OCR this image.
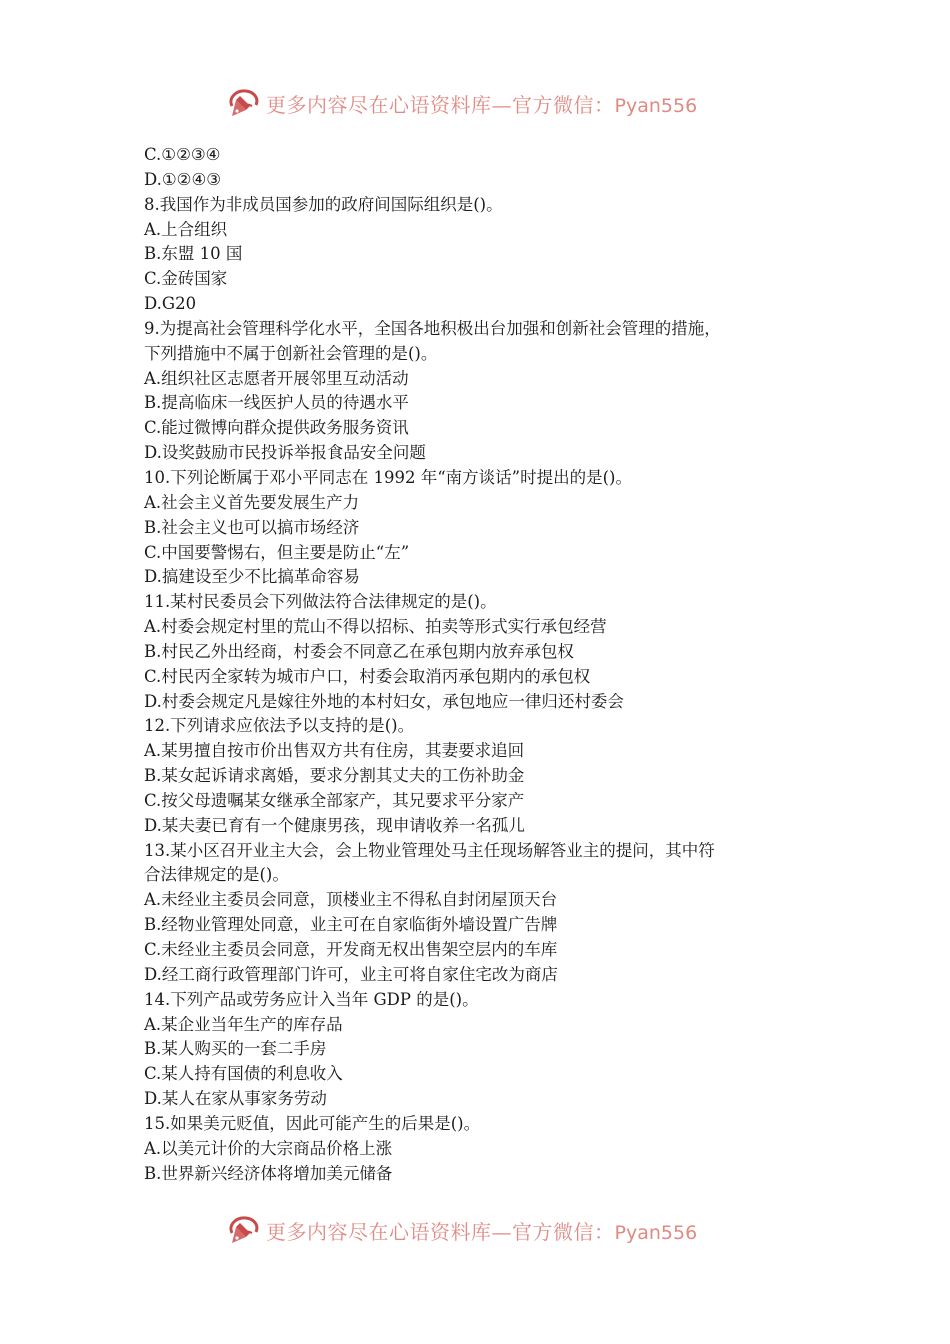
更多内容尽在心语资料库—官方微信：Pyan556
C.①②③④
D.①②④③
8.我国作为非成员国参加的政府间国际组织是()。
A.上合组织
B.东盟 10 国
C.金砖国家
D.G20
9.为提高社会管理科学化水平，全国各地积极出台加强和创新社会管理的措施，
下列措施中不属于创新社会管理的是()。
A.组织社区志愿者开展邻里互动活动
B.提高临床一线医护人员的待遇水平
C.能过微博向群众提供政务服务资讯
D.设奖鼓励市民投诉举报食品安全问题
10.下列论断属于邓小平同志在 1992 年“南方谈话”时提出的是()。
A.社会主义首先要发展生产力
B.社会主义也可以搞市场经济
C.中国要警惕右，但主要是防止“左”
D.搞建设至少不比搞革命容易
11.某村民委员会下列做法符合法律规定的是()。
A.村委会规定村里的荒山不得以招标、拍卖等形式实行承包经营
B.村民乙外出经商，村委会不同意乙在承包期内放弃承包权
C.村民丙全家转为城市户口，村委会取消丙承包期内的承包权
D.村委会规定凡是嫁往外地的本村妇女，承包地应一律归还村委会
12.下列请求应依法予以支持的是()。
A.某男擅自按市价出售双方共有住房，其妻要求追回
B.某女起诉请求离婚，要求分割其丈夫的工伤补助金
C.按父母遗嘱某女继承全部家产，其兄要求平分家产
D.某夫妻已育有一个健康男孩，现申请收养一名孤儿
13.某小区召开业主大会，会上物业管理处马主任现场解答业主的提问，其中符
合法律规定的是()。
A.未经业主委员会同意，顶楼业主不得私自封闭屋顶天台
B.经物业管理处同意，业主可在自家临街外墙设置广告牌
C.未经业主委员会同意，开发商无权出售架空层内的车库
D.经工商行政管理部门许可，业主可将自家住宅改为商店
14.下列产品或劳务应计入当年 GDP 的是()。
A.某企业当年生产的库存品
B.某人购买的一套二手房
C.某人持有国债的利息收入
D.某人在家从事家务劳动
15.如果美元贬值，因此可能产生的后果是()。
A.以美元计价的大宗商品价格上涨
B.世界新兴经济体将增加美元储备
更多内容尽在心语资料库—官方微信：Pyan556
